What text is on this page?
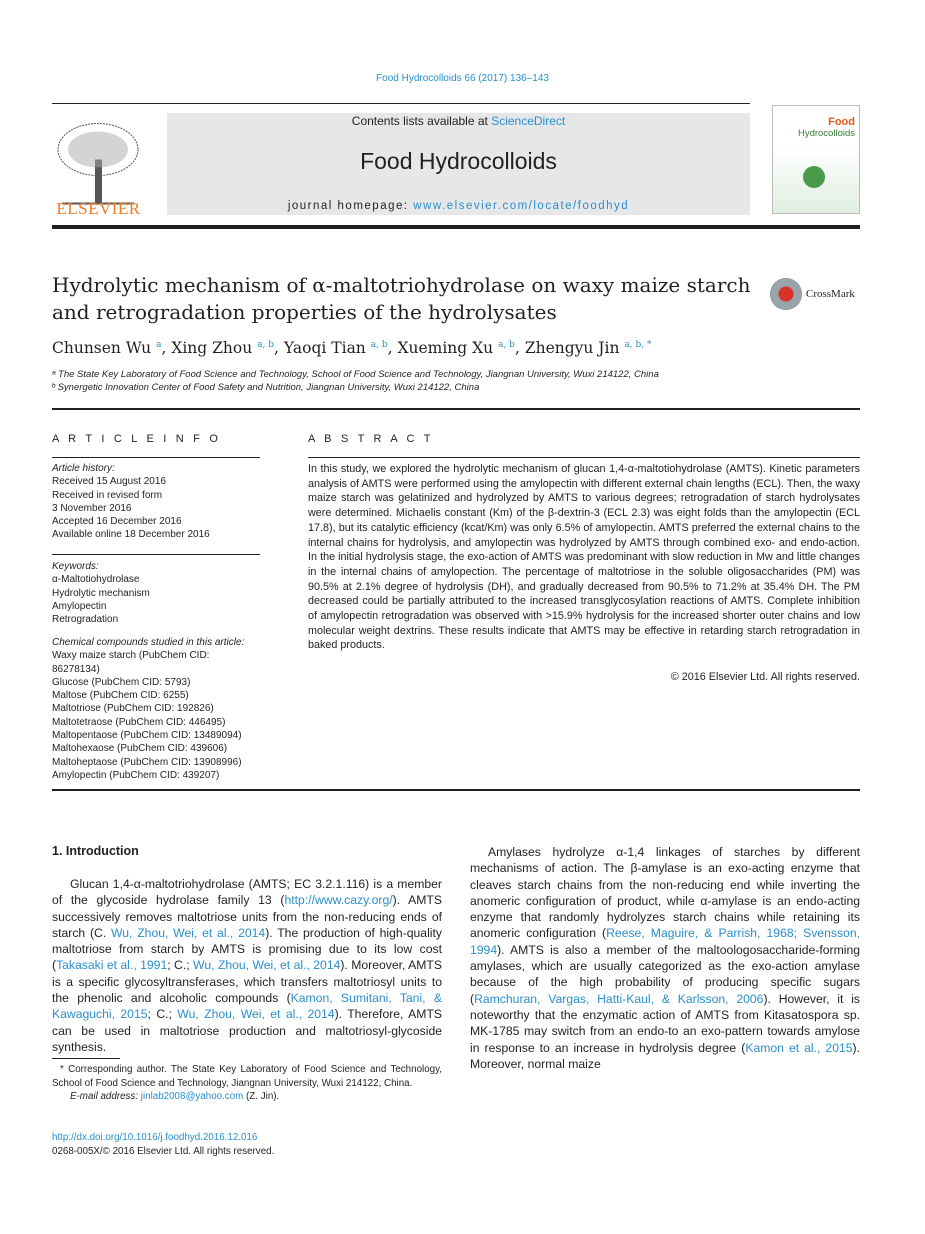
Food Hydrocolloids 66 (2017) 136–143
ELSEVIER
Contents lists available at ScienceDirect
Food Hydrocolloids
journal homepage: www.elsevier.com/locate/foodhyd
Food
Hydrocolloids
Hydrolytic mechanism of α-maltotriohydrolase on waxy maize starch and retrogradation properties of the hydrolysates
CrossMark
Chunsen Wu $^a$, Xing Zhou $^{a, b}$, Yaoqi Tian $^{a, b}$, Xueming Xu $^{a, b}$, Zhengyu Jin $^{a, b, *}$
ᵃ The State Key Laboratory of Food Science and Technology, School of Food Science and Technology, Jiangnan University, Wuxi 214122, China
ᵇ Synergetic Innovation Center of Food Safety and Nutrition, Jiangnan University, Wuxi 214122, China
A R T I C L E I N F O
Article history:
Received 15 August 2016
Received in revised form
3 November 2016
Accepted 16 December 2016
Available online 18 December 2016
Keywords:
α-Maltotiohydrolase
Hydrolytic mechanism
Amylopectin
Retrogradation
Chemical compounds studied in this article:
Waxy maize starch (PubChem CID:
86278134)
Glucose (PubChem CID: 5793)
Maltose (PubChem CID: 6255)
Maltotriose (PubChem CID: 192826)
Maltotetraose (PubChem CID: 446495)
Maltopentaose (PubChem CID: 13489094)
Maltohexaose (PubChem CID: 439606)
Maltoheptaose (PubChem CID: 13908996)
Amylopectin (PubChem CID: 439207)
A B S T R A C T
In this study, we explored the hydrolytic mechanism of glucan 1,4-α-maltotiohydrolase (AMTS). Kinetic parameters analysis of AMTS were performed using the amylopectin with different external chain lengths (ECL). Then, the waxy maize starch was gelatinized and hydrolyzed by AMTS to various degrees; retrogradation of starch hydrolysates were determined. Michaelis constant (Km) of the β-dextrin-3 (ECL 2.3) was eight folds than the amylopectin (ECL 17.8), but its catalytic efficiency (kcat/Km) was only 6.5% of amylopectin. AMTS preferred the external chains to the internal chains for hydrolysis, and amylopectin was hydrolyzed by AMTS through combined exo- and endo-action. In the initial hydrolysis stage, the exo-action of AMTS was predominant with slow reduction in Mw and little changes in the internal chains of amylopection. The percentage of maltotriose in the soluble oligosaccharides (PM) was 90.5% at 2.1% degree of hydrolysis (DH), and gradually decreased from 90.5% to 71.2% at 35.4% DH. The PM decreased could be partially attributed to the increased transglycosylation reactions of AMTS. Complete inhibition of amylopectin retrogradation was observed with >15.9% hydrolysis for the increased shorter outer chains and low molecular weight dextrins. These results indicate that AMTS may be effective in retarding starch retrogradation in baked products.
© 2016 Elsevier Ltd. All rights reserved.
1. Introduction

Glucan 1,4-α-maltotriohydrolase (AMTS; EC 3.2.1.116) is a member of the glycoside hydrolase family 13 (http://www.cazy.org/). AMTS successively removes maltotriose units from the non-reducing ends of starch (C. Wu, Zhou, Wei, et al., 2014). The production of high-quality maltotriose from starch by AMTS is promising due to its low cost (Takasaki et al., 1991; C.; Wu, Zhou, Wei, et al., 2014). Moreover, AMTS is a specific glycosyltransferases, which transfers maltotriosyl units to the phenolic and alcoholic compounds (Kamon, Sumitani, Tani, & Kawaguchi, 2015; C.; Wu, Zhou, Wei, et al., 2014). Therefore, AMTS can be used in maltotriose production and maltotriosyl-glycoside synthesis.

Amylases hydrolyze α-1,4 linkages of starches by different mechanisms of action. The β-amylase is an exo-acting enzyme that cleaves starch chains from the non-reducing end while inverting the anomeric configuration of product, while α-amylase is an endo-acting enzyme that randomly hydrolyzes starch chains while retaining its anomeric configuration (Reese, Maguire, & Parrish, 1968; Svensson, 1994). AMTS is also a member of the maltoologosaccharide-forming amylases, which are usually categorized as the exo-action amylase because of the high probability of producing specific sugars (Ramchuran, Vargas, Hatti-Kaul, & Karlsson, 2006). However, it is noteworthy that the enzymatic action of AMTS from Kitasatospora sp. MK-1785 may switch from an endo-to an exo-pattern towards amylose in response to an increase in hydrolysis degree (Kamon et al., 2015). Moreover, normal maize

* Corresponding author. The State Key Laboratory of Food Science and Technology, School of Food Science and Technology, Jiangnan University, Wuxi 214122, China.
E-mail address: jinlab2008@yahoo.com (Z. Jin).
http://dx.doi.org/10.1016/j.foodhyd.2016.12.016
0268-005X/© 2016 Elsevier Ltd. All rights reserved.
